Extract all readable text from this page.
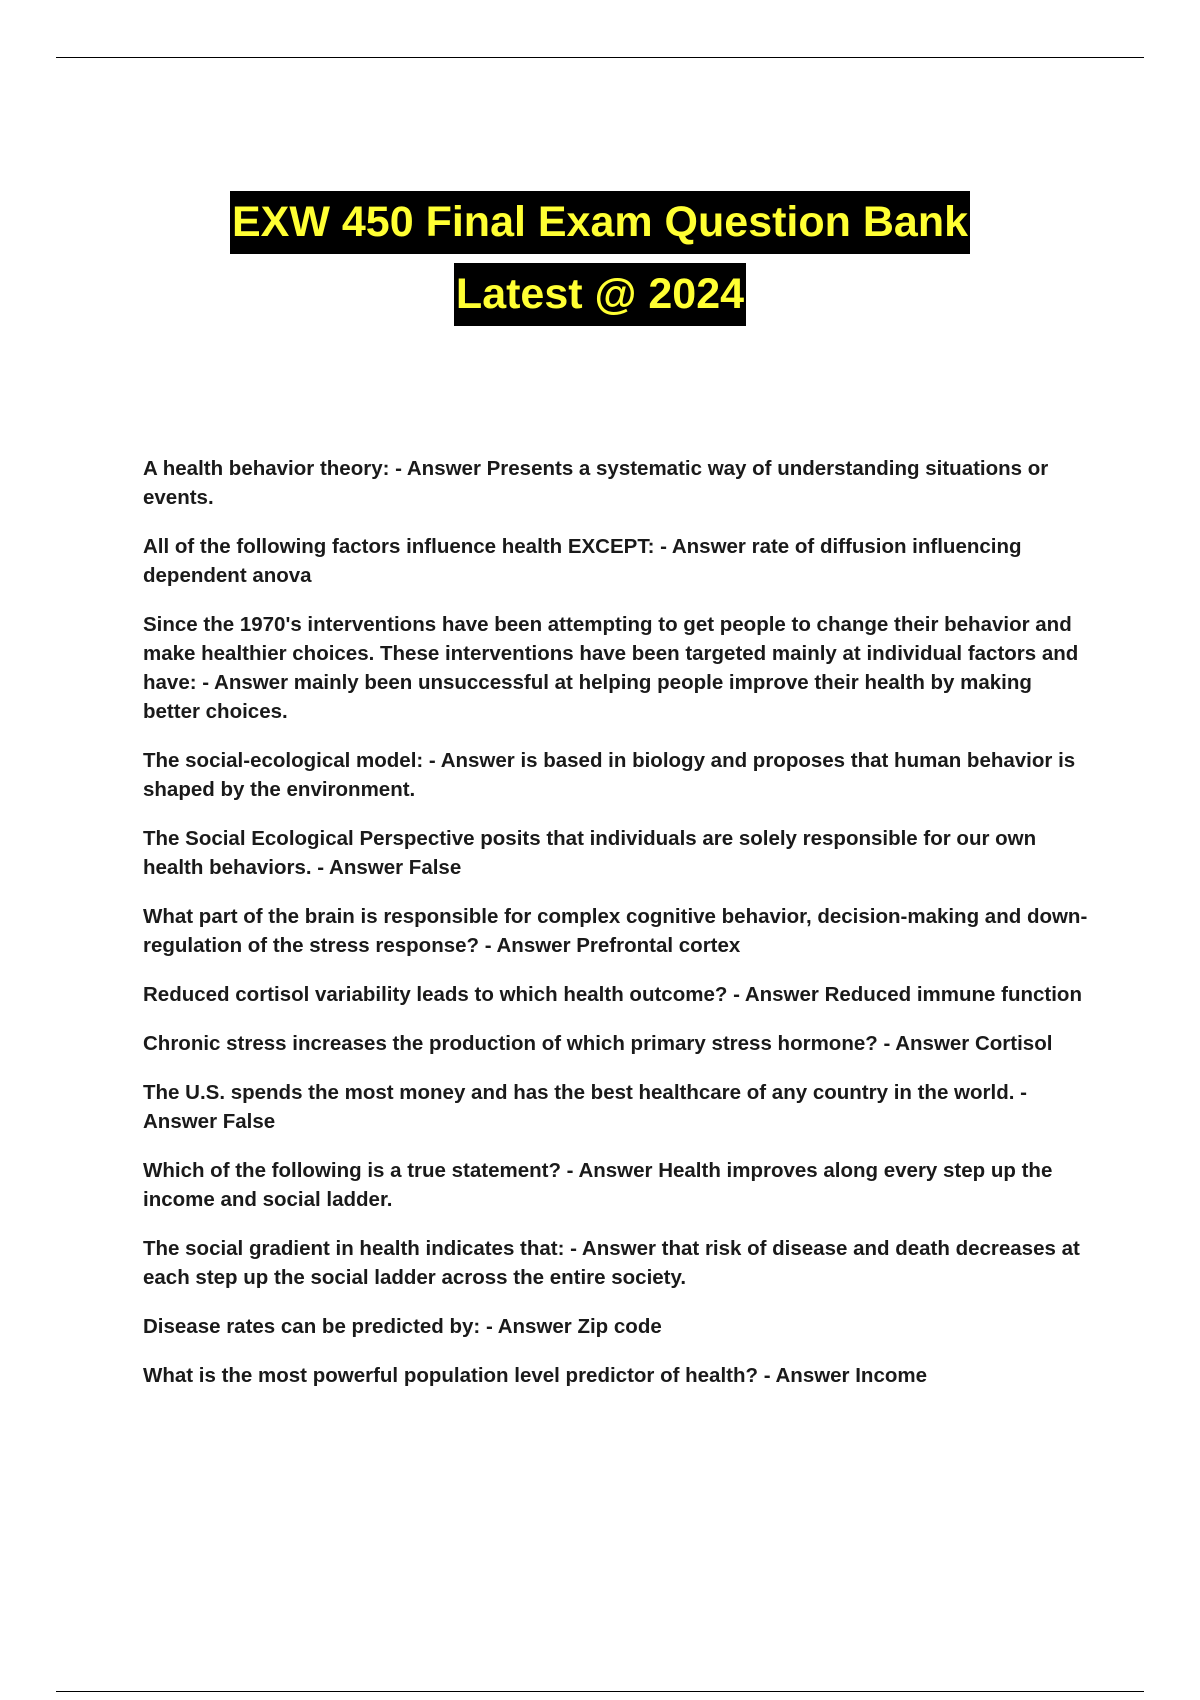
EXW 450 Final Exam Question Bank
Latest @ 2024
A health behavior theory: - Answer Presents a systematic way of understanding situations or events.
All of the following factors influence health EXCEPT: - Answer rate of diffusion influencing dependent anova
Since the 1970's interventions have been attempting to get people to change their behavior and make healthier choices. These interventions have been targeted mainly at individual factors and have: - Answer mainly been unsuccessful at helping people improve their health by making better choices.
The social-ecological model: - Answer is based in biology and proposes that human behavior is shaped by the environment.
The Social Ecological Perspective posits that individuals are solely responsible for our own health behaviors. - Answer False
What part of the brain is responsible for complex cognitive behavior, decision-making and down-regulation of the stress response? - Answer Prefrontal cortex
Reduced cortisol variability leads to which health outcome? - Answer Reduced immune function
Chronic stress increases the production of which primary stress hormone? - Answer Cortisol
The U.S. spends the most money and has the best healthcare of any country in the world. - Answer False
Which of the following is a true statement? - Answer Health improves along every step up the income and social ladder.
The social gradient in health indicates that: - Answer that risk of disease and death decreases at each step up the social ladder across the entire society.
Disease rates can be predicted by: - Answer Zip code
What is the most powerful population level predictor of health? - Answer Income
